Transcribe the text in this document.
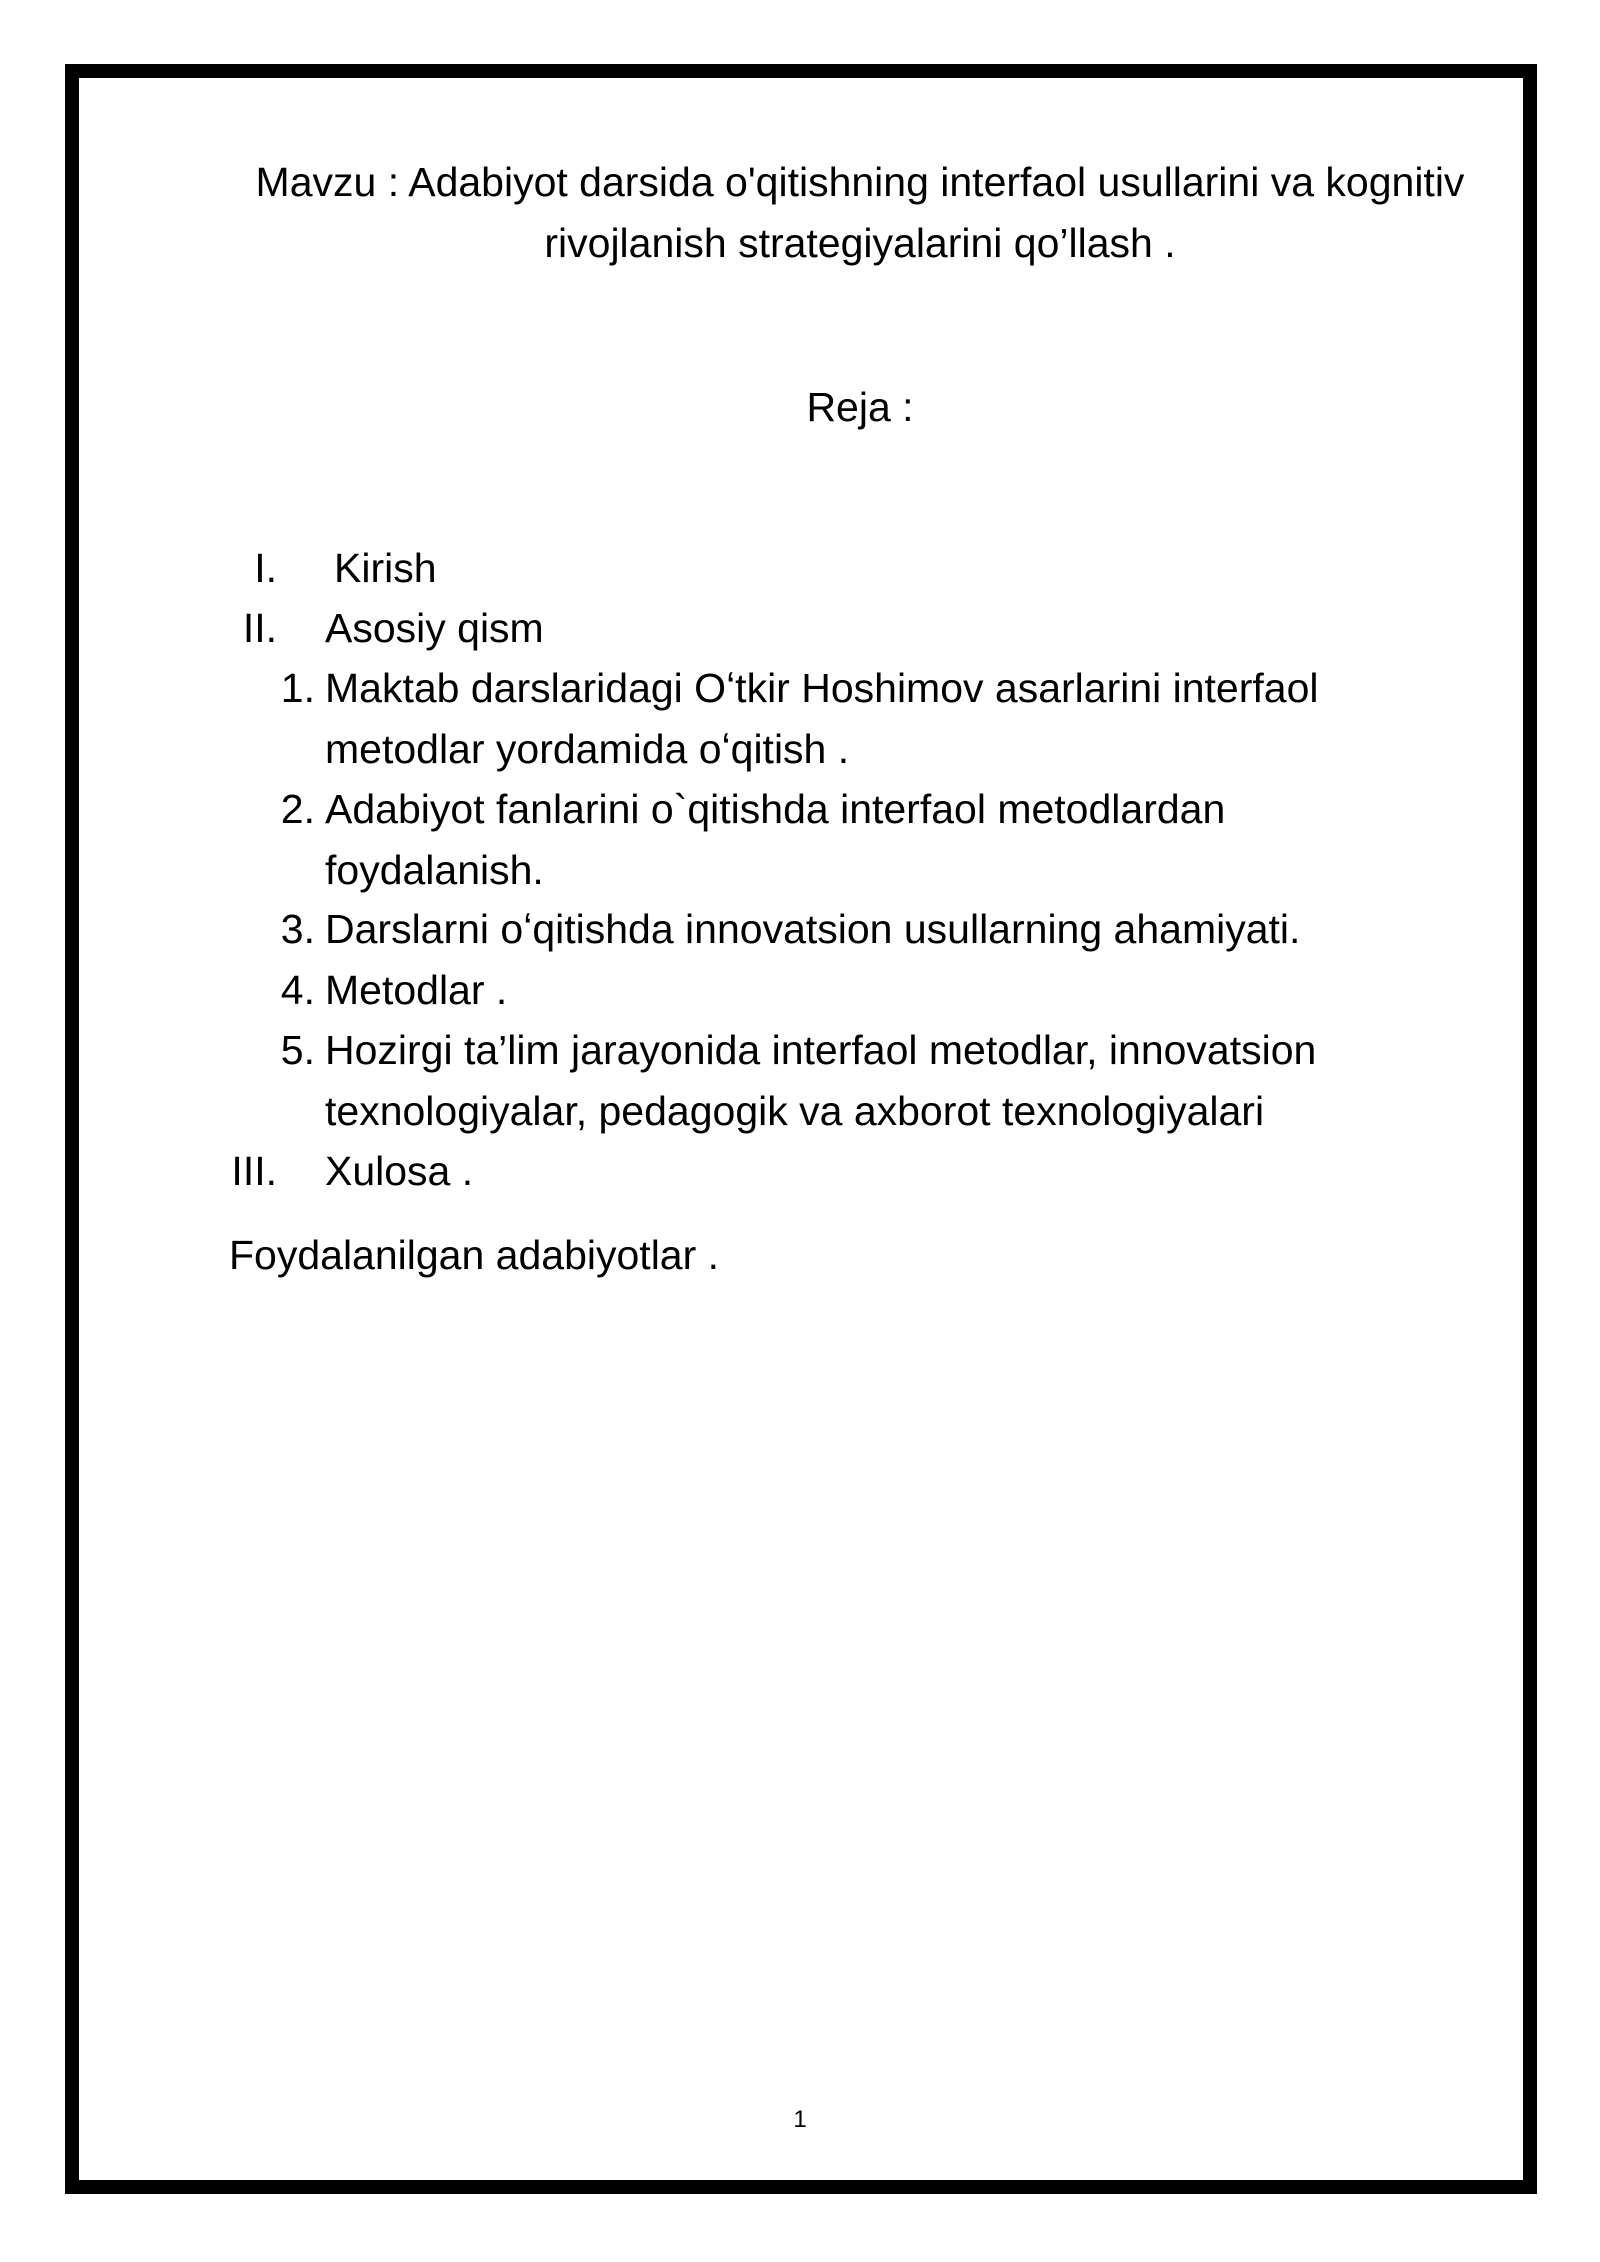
Mavzu : Adabiyot darsida o'qitishning interfaol usullarini va kognitiv rivojlanish strategiyalarini qo’llash .
Reja :
I. Kirish
II. Asosiy qism
1. Maktab darslaridagi Oʻtkir Hoshimov asarlarini interfaol metodlar yordamida oʻqitish .
2. Adabiyot fanlarini o`qitishda interfaol metodlardan foydalanish.
3. Darslarni oʻqitishda innovatsion usullarning ahamiyati.
4. Metodlar .
5. Hozirgi ta’lim jarayonida interfaol metodlar, innovatsion texnologiyalar, pedagogik va axborot texnologiyalari
III. Xulosa .
Foydalanilgan adabiyotlar .
1
